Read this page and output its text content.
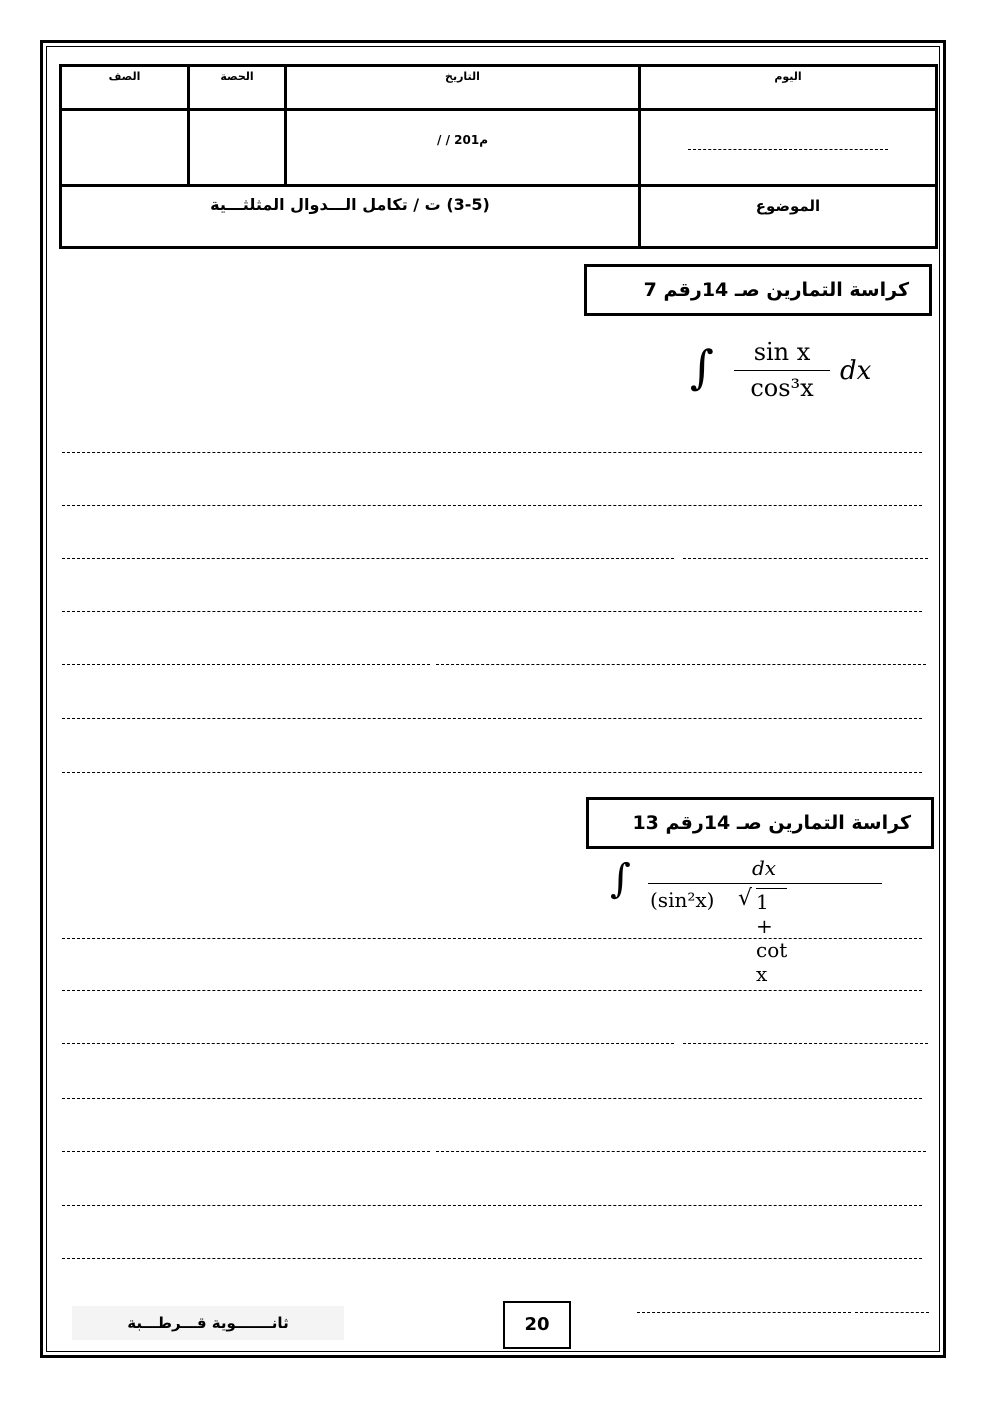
الصف	الحصة	التاريخ	اليوم

		/ / 201م	

(3-5) ت / تكامل الـــدوال المثلثـــية			الموضوع
كراسة التمارين صـ 14رقم 7
∫	sin x
cos³x
dx
كراسة التمارين صـ 14رقم 13
∫	dx
(sin²x) √ 1 + cot x
ثانـــــــوية قـــرطـــبة	20
